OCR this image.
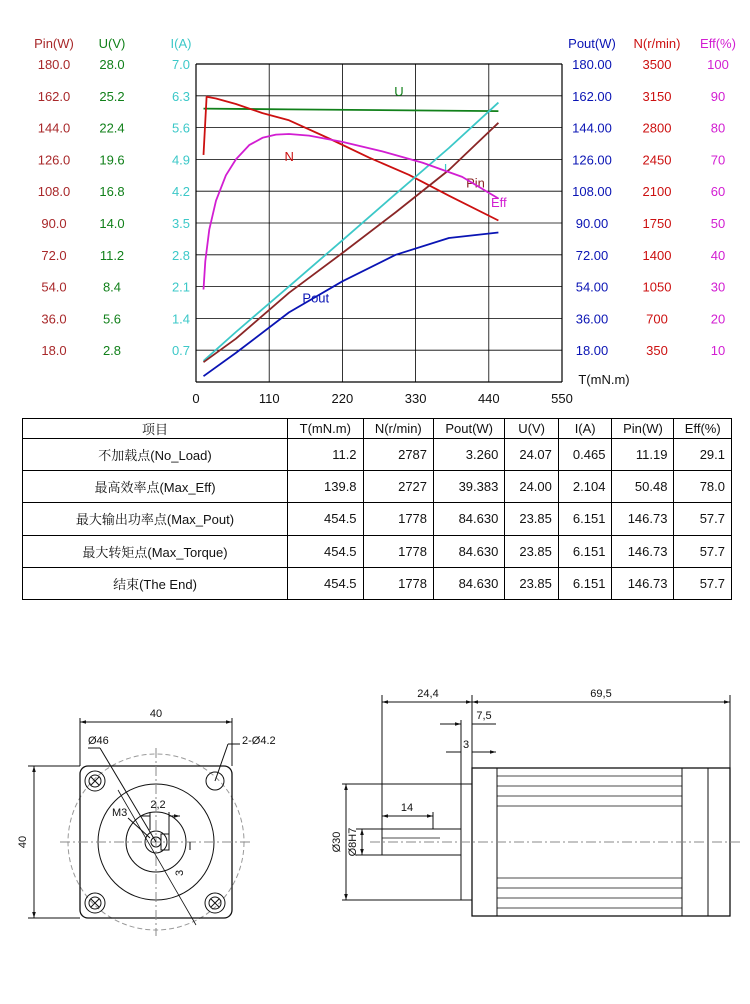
Pin(W)
180.0
162.0
144.0
126.0
108.0
90.0
72.0
54.0
36.0
18.0
U(V)
28.0
25.2
22.4
19.6
16.8
14.0
11.2
8.4
5.6
2.8
I(A)
7.0
6.3
5.6
4.9
4.2
3.5
2.8
2.1
1.4
0.7
Pout(W)
180.00
162.00
144.00
126.00
108.00
90.00
72.00
54.00
36.00
18.00
N(r/min)
3500
3150
2800
2450
2100
1750
1400
1050
700
350
Eff(%)
100
90
80
70
60
50
40
30
20
10
0	110	220	330	440	550
T(mN.m)
U
N
I
Pin
Eff
Pout
项目	T(mN.m)	N(r/min)	Pout(W)	U(V)	I(A)	Pin(W)	Eff(%)
不加载点(No_Load)	11.2	2787	3.260	24.07	0.465	11.19	29.1
最高效率点(Max_Eff)	139.8	2727	39.383	24.00	2.104	50.48	78.0
最大输出功率点(Max_Pout)	454.5	1778	84.630	23.85	6.151	146.73	57.7
最大转矩点(Max_Torque)	454.5	1778	84.630	23.85	6.151	146.73	57.7
结束(The End)	454.5	1778	84.630	23.85	6.151	146.73	57.7
40
40
Ø46	2-Ø4.2
M3
2,2
3
24,4	69,5
7,5
3
14
Ø30 Ø8H7
